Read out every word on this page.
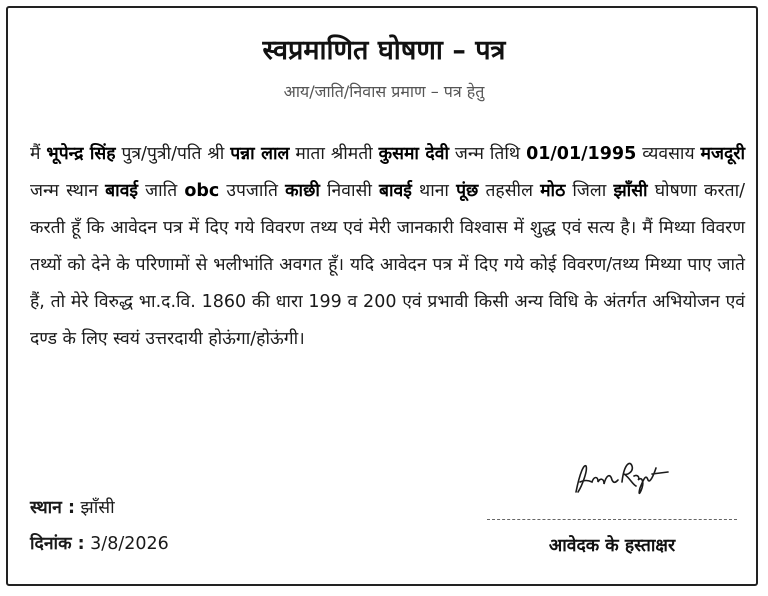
स्वप्रमाणित घोषणा – पत्र
आय/जाति/निवास प्रमाण – पत्र हेतु
मैं भूपेन्द्र सिंह पुत्र/पुत्री/पति श्री पन्ना लाल माता श्रीमती कुसमा देवी जन्म तिथि 01/01/1995 व्यवसाय मजदूरी जन्म स्थान बावई जाति obc उपजाति काछी निवासी बावई थाना पूंछ तहसील मोठ जिला झाँसी घोषणा करता/करती हूँ कि आवेदन पत्र में दिए गये विवरण तथ्य एवं मेरी जानकारी विश्वास में शुद्ध एवं सत्य है। मैं मिथ्या विवरण तथ्यों को देने के परिणामों से भलीभांति अवगत हूँ। यदि आवेदन पत्र में दिए गये कोई विवरण/तथ्य मिथ्या पाए जाते हैं, तो मेरे विरुद्ध भा.द.वि. 1860 की धारा 199 व 200 एवं प्रभावी किसी अन्य विधि के अंतर्गत अभियोजन एवं दण्ड के लिए स्वयं उत्तरदायी होऊंगा/होऊंगी।
आवेदक के हस्ताक्षर
स्थान : झाँसी
दिनांक : 3/8/2026
